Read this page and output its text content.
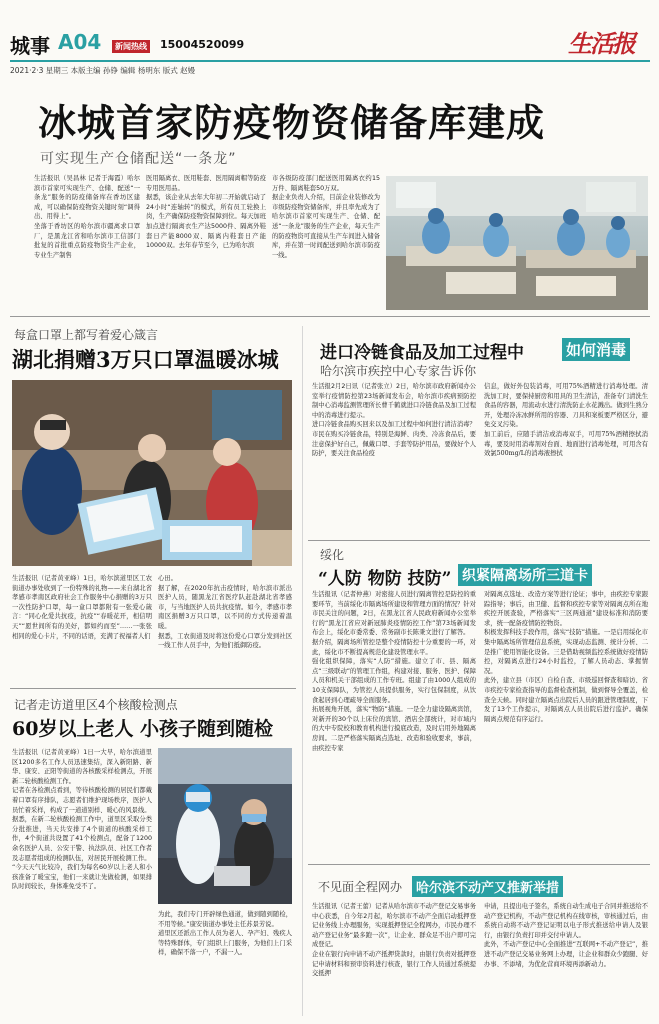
城事 A04	新闻热线 15004520099	生活报
2021·2·3 星期三 本版主编 孙铮 编辑 杨明东 版式 赵嫚
冰城首家防疫物资储备库建成
可实现生产仓储配送“一条龙”
生活报讯（吴昌林 记者于海霞）哈尔滨市首家可实现生产、仓储、配送“一条龙”服务的防疫储备库在香坊区建成，可以确保防疫物资关键时刻“调得出、用得上”。
坐落于香坊区的哈尔滨市疆离求口罩厂，是黑龙江省和哈尔滨市工信部门批复的首批重点防疫物资生产企业，专业生产制售
医用隔离衣、医用鞋套、医用隔离帽等防疫专用医用品。
据悉，该企业从去年大年初二开始就启动了24小时“连轴转”的模式，所有员工轮换上岗，生产确保防疫物资保障到位。每天加班加点进行隔离衣生产达5000件、隔离外鞋套日产能8000双、隔离内鞋套日产能10000双。去年春节至今，已为哈尔滨
市各级防疫部门配送医用隔离衣约15万件、隔离鞋套50万双。
据企业负责人介绍，目前企业装修改为市级防疫物资储备库，并且率先成为了哈尔滨市首家可实现生产、仓储、配送“一条龙”服务的生产企业，每天生产的防疫物资可直接从生产车间进入储备库，并在第一时间配送到哈尔滨市防疫一线。
每盒口罩上都写着爱心箴言
湖北捐赠3万只口罩温暖冰城
生活报讯（记者黄亚峰）1日，哈尔滨道里区工农街道办事处收到了一份特殊的礼物——来自湖北省孝感市孝南区政府社会工作服务中心捐赠的3万只一次性防护口罩，每一盒口罩都附有一张爱心箴言：“同心化爱共抗疫，抗疫”“春暖花开，相信明天”“愿世间所有的美好，都如约而至”……一张张相同的爱心卡片，不同的话语，充满了祝福者人们
心田。
据了解，在2020年抗击疫情时，哈尔滨市派出医护人员，随黑龙江省医疗队赶赴湖北省孝感市，与当地医护人员共抗疫情。如今，孝感市孝南区捐赠3万只口罩，以不同的方式传递着温暖。
据悉，工农街道及时将这份爱心口罩分发到社区一线工作人员手中，为他们抵御防疫。
记者走访道里区4个核酸检测点
60岁以上老人 小孩子随到随检
生活报讯（记者黄亚峰）1日一大早，哈尔滨道里区1200多名工作人员迅速集结，深入新阳路、新华、康安、正阳等街道的各核酸采样检测点，开展新二轮核酸检测工作。
记者在各检测点看到，等待核酸检测的居民们都戴着口罩有序排队，志愿者们维护现场秩序，医护人员忙着采样，构成了一道道别样、暖心的风景线。
据悉，在新二轮核酸检测工作中，道里区采取分类分批推进，当天共安排了4个街道的核酸采样工作，4个街道共设置了41个检测点，配备了1200余名医护人员、公安干警、执法队员、社区工作者及志愿者组成的检测队伍，对居民开展检测工作。
“今天天气比较冷，我们为每名60岁以上老人和小孩准备了暖宝宝，他们一来就让先做检测，如果排队时间较长，身体难免受不了。
为此，我们专门开辟绿色通道，做到随到随检，不用等候。”康安街道办事处主任苏景芳说。
道里区还派出工作人员为老人、孕产妇、残疾人等特殊群体，专门组织上门服务，为他们上门采样，确保不落一户，不漏一人。
进口冷链食品及加工过程中	如何消毒
哈尔滨市疾控中心专家告诉你
生活报2月2日讯（记者张立）2日，哈尔滨市政府新闻办公室举行疫情防控第23场新闻发布会，哈尔滨市疾病预防控制中心消毒监测管理所长曹千鹤就进口冷链食品及加工过程中的消毒进行提示。
进口冷链食品购买回来以及加工过程中如何进行清洁消毒？
市民在购买冷链食品，特别是海鲜、肉类、冷冻食品后，要注意保护好自己，佩戴口罩、手套等防护用品，要做好个人防护，要关注食品检疫
信息，做好外包装消毒，可用75%酒精进行消毒处理。清洗加工时，要保持厨房和用具的卫生清洁，准备专门清洗生食品的容器，用流动水进行清洗防止水花溅出。做到生熟分开，处理冷冻冰鲜所用的容器、刀具和案板要严格区分，避免交叉污染。
加工前后，应随手清洁或消毒双手，可用75%酒精擦拭消毒，要及时用消毒剂对台面、地面进行消毒处理，可用含有效氯500mg/L的消毒液擦拭
绥化
“人防 物防 技防” 织紧隔离场所三道卡
生活报讯（记者仲燕）对密接人员进行隔离管控是防控的重要环节，当前绥化市隔离场所建设和管理方面的情况？针对市民关注的问题，2日，在黑龙江省人民政府新闻办公室举行的“黑龙江省应对新冠肺炎疫情防控工作”第73场新闻发布会上，绥化市委常委、常务副市长陈秉文进行了解答。
据介绍，隔离场所管控是整个疫情防控十分重要的一环，对此，绥化市不断提高规范化建设管理水平。
强化组织保障，落实“人防”措施。建立了市、县、隔离点“三级联动”的管理工作组，构建对接、服务、医护、保障人员和机关干部组成的工作专班。组建了由1000人组成的10支保障队，为管控人员提供服务，实行包保制度，从饮食起居到心理疏导全面服务。
拓展视角开展，落实“物防”措施。一是全力建设隔离宾馆，对新开的30个以上床位的宾馆、酒店全部统计，对市域内的大中专院校和教育机构进行摸底改造，及时启用外地隔离房间。二是严格落实隔离点选址、改造和验收要求，事前，由疾控专家
对隔离点选址、改造方案等进行论证；事中，由疾控专家跟踪指导；事后，由卫健、监督和疾控专家等对隔离点所在地疾控开展查验，严格落实“三区两通道”建设标准和消防要求，统一配备疫情防控物资。
积极发挥科技手段作用，落实“技防”措施。一是启用绥化市集中隔离场所管理信息系统，实现动态监测、统计分析、二是推广使用智能化设备。三是借助视频监控系统做好疫情防控，对隔离点进行24小时监控，了解人员动态、掌握情况。
此外，建立县（市区）自检自查、市级巡回督查和暗访、省市疾控专家检查指导的监督检查机制，做到督导全覆盖，检查全天候。同时建立隔离点出院后人员的跟进管理制度，下发了13个工作提示，对隔离点人员出院后进行监护。确保隔离点规范有序运行。
不见面全程网办	哈尔滨不动产又推新举措
生活报讯（记者王蕾）记者从哈尔滨市不动产登记交易事务中心获悉，自今年2月起，哈尔滨市不动产全面启动抵押登记业务线上办理服务，实现抵押登记全程网办，市民办理不动产登记业务“最多跑一次”，让企业、群众足不出户即可完成登记。
企业在银行向申请不动产抵押贷款时，由银行负责对抵押登记申请材料和预审资料进行核查，银行工作人员通过系统提交抵押
申请，且提出电子签名，系统自动生成电子合同并推送给不动产登记机构，不动产登记机构在线审核，审核通过后，由系统自动将不动产登记证明以电子形式推送给申请人及银行，由银行负责打印并交付申请人。
此外，不动产登记中心全面推进“互联网+不动产登记”，推进不动产登记交易业务网上办理，让企业和群众少跑腿、好办事、不添堵，为优化营商环境再添新动力。
